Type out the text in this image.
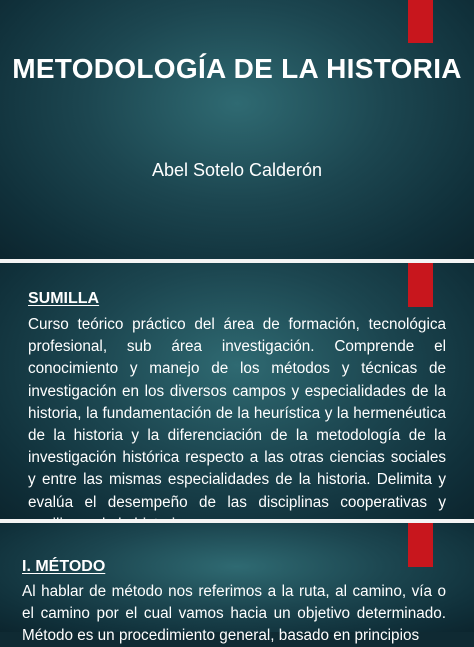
METODOLOGÍA DE LA HISTORIA
Abel Sotelo Calderón
SUMILLA
Curso teórico práctico del área de formación, tecnológica profesional, sub área investigación. Comprende el conocimiento y manejo de los métodos y técnicas de investigación en los diversos campos y especialidades de la historia, la fundamentación de la heurística y la hermenéutica de la historia y la diferenciación de la metodología de la investigación histórica respecto a las otras ciencias sociales y entre las mismas especialidades de la historia. Delimita y evalúa el desempeño de las disciplinas cooperativas y
I. MÉTODO
Al hablar de método nos referimos a la ruta, al camino, vía o el camino por el cual vamos hacia un objetivo determinado. Método es un procedimiento general, basado en principios
